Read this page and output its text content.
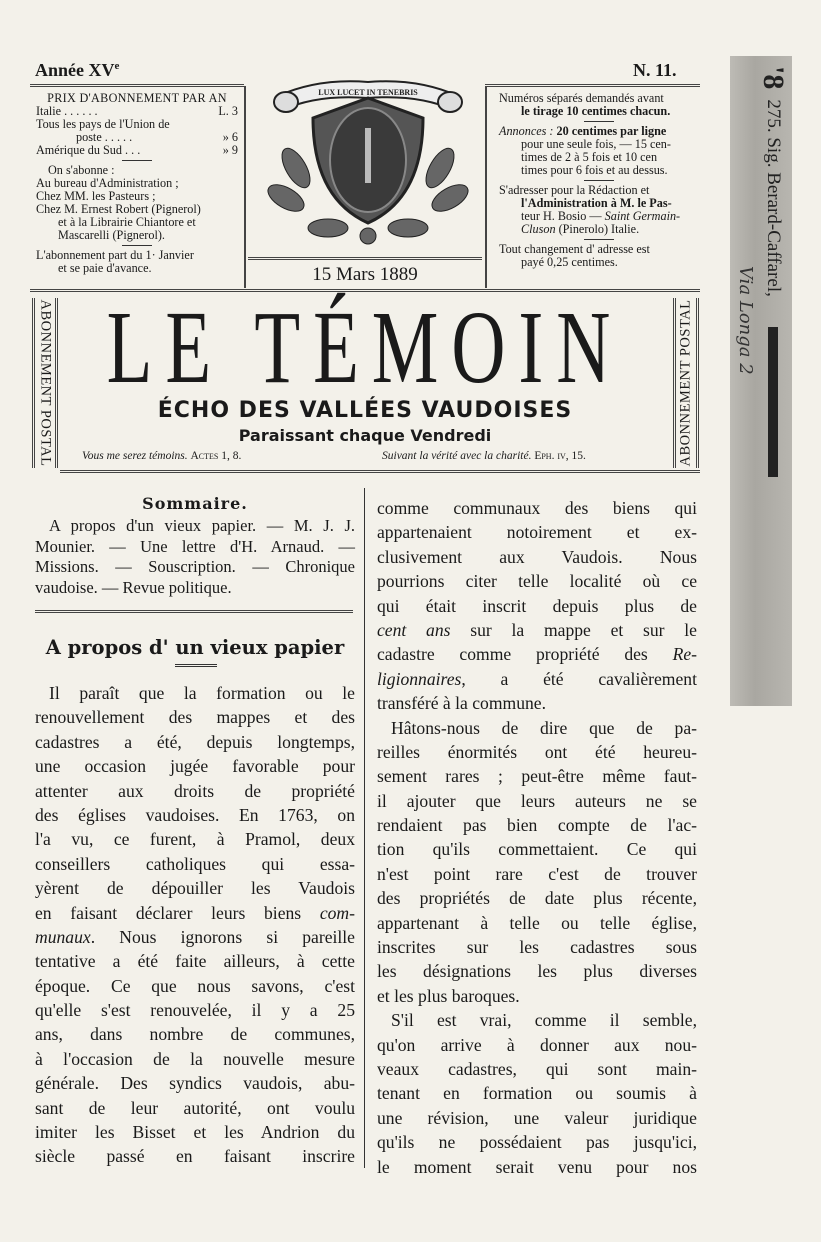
Année XVe	N. 11.
PRIX D'ABONNEMENT PAR AN
Italie . . . . . .	L. 3
Tous les pays de l'Union de
poste . . . . .	» 6
Amérique du Sud . . .	» 9
On s'abonne :
Au bureau d'Administration ;
Chez MM. les Pasteurs ;
Chez M. Ernest Robert (Pignerol)
et à la Librairie Chiantore et
Mascarelli (Pignerol).
L'abonnement part du 1· Janvier
et se paie d'avance.
LUX LUCET IN TENEBRIS
15 Mars 1889
Numéros séparés demandés avant
le tirage 10 centimes chacun.
Annonces : 20 centimes par ligne
pour une seule fois, — 15 cen-
times de 2 à 5 fois et 10 cen
times pour 6 fois et au dessus.
S'adresser pour la Rédaction et
l'Administration à M. le Pas-
teur H. Bosio — Saint Germain-
Cluson (Pinerolo) Italie.
Tout changement d' adresse est
payé 0,25 centimes.
'8275. Sig. Berard-Caffarel,
Via Longa 2
ABONNEMENT POSTAL	ABONNEMENT POSTAL
LE TÉMOIN
ÉCHO DES VALLÉES VAUDOISES
Paraissant chaque Vendredi
Vous me serez témoins. Actes 1, 8.	Suivant la vérité avec la charité. Eph. iv, 15.
Sommaire.
A propos d'un vieux papier. — M. J. J. Mounier. — Une lettre d'H. Arnaud. — Missions. — Souscription. — Chronique vaudoise. — Revue politique.
A propos d' un vieux papier
Il paraît que la formation ou le
renouvellement des mappes et des
cadastres a été, depuis longtemps,
une occasion jugée favorable pour
attenter aux droits de propriété
des églises vaudoises. En 1763, on
l'a vu, ce furent, à Pramol, deux
conseillers catholiques qui essa-
yèrent de dépouiller les Vaudois
en faisant déclarer leurs biens com-
munaux. Nous ignorons si pareille
tentative a été faite ailleurs, à cette
époque. Ce que nous savons, c'est
qu'elle s'est renouvelée, il y a 25
ans, dans nombre de communes,
à l'occasion de la nouvelle mesure
générale. Des syndics vaudois, abu-
sant de leur autorité, ont voulu
imiter les Bisset et les Andrion du
siècle passé en faisant inscrire
comme communaux des biens qui
appartenaient notoirement et ex-
clusivement aux Vaudois. Nous
pourrions citer telle localité où ce
qui était inscrit depuis plus de
cent ans sur la mappe et sur le
cadastre comme propriété des Re-
ligionnaires, a été cavalièrement
transféré à la commune.
Hâtons-nous de dire que de pa-
reilles énormités ont été heureu-
sement rares ; peut-être même faut-
il ajouter que leurs auteurs ne se
rendaient pas bien compte de l'ac-
tion qu'ils commettaient. Ce qui
n'est point rare c'est de trouver
des propriétés de date plus récente,
appartenant à telle ou telle église,
inscrites sur les cadastres sous
les désignations les plus diverses
et les plus baroques.
S'il est vrai, comme il semble,
qu'on arrive à donner aux nou-
veaux cadastres, qui sont main-
tenant en formation ou soumis à
une révision, une valeur juridique
qu'ils ne possédaient pas jusqu'ici,
le moment serait venu pour nos
